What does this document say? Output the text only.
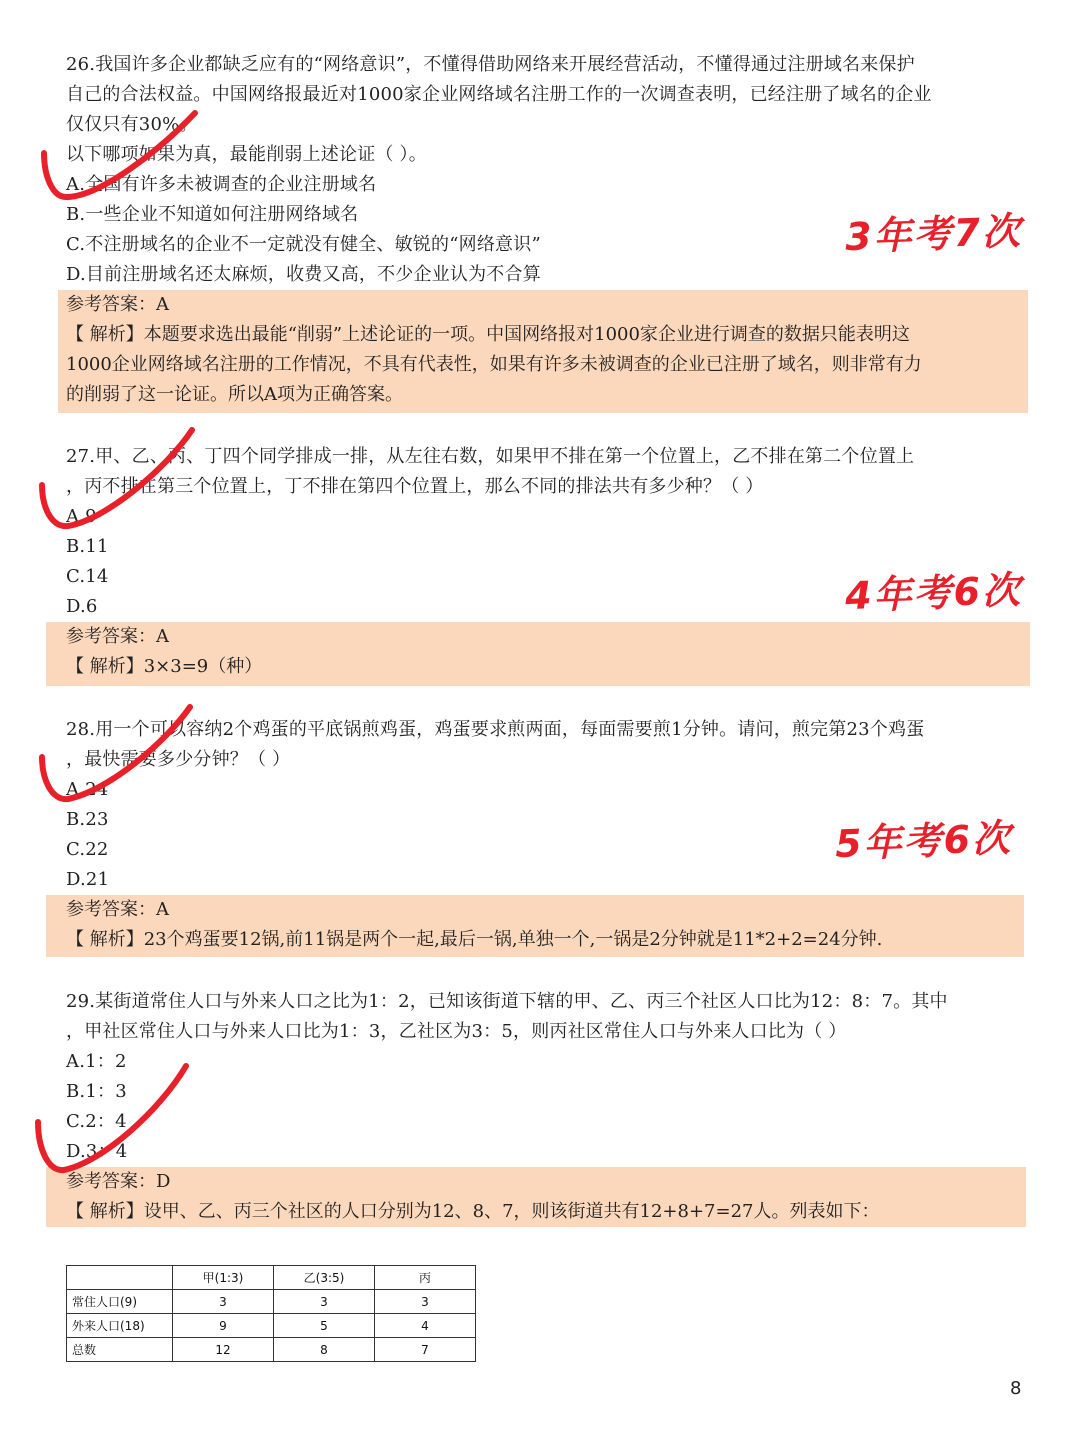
26.我国许多企业都缺乏应有的“网络意识”，不懂得借助网络来开展经营活动，不懂得通过注册域名来保护
自己的合法权益。中国网络报最近对1000家企业网络域名注册工作的一次调查表明，已经注册了域名的企业
仅仅只有30%。
以下哪项如果为真，最能削弱上述论证（ ）。
A.全国有许多未被调查的企业注册域名
B.一些企业不知道如何注册网络域名
C.不注册域名的企业不一定就没有健全、敏锐的“网络意识”
D.目前注册域名还太麻烦，收费又高，不少企业认为不合算
参考答案：A
【 解析】本题要求选出最能“削弱”上述论证的一项。中国网络报对1000家企业进行调查的数据只能表明这
1000企业网络域名注册的工作情况，不具有代表性，如果有许多未被调查的企业已注册了域名，则非常有力
的削弱了这一论证。所以A项为正确答案。
3年考7次
27.甲、乙、丙、丁四个同学排成一排，从左往右数，如果甲不排在第一个位置上，乙不排在第二个位置上
，丙不排在第三个位置上，丁不排在第四个位置上，那么不同的排法共有多少种？（ ）
A.9
B.11
C.14
D.6
参考答案：A
【 解析】3×3=9（种）
4年考6次
28.用一个可以容纳2个鸡蛋的平底锅煎鸡蛋，鸡蛋要求煎两面，每面需要煎1分钟。请问，煎完第23个鸡蛋
，最快需要多少分钟？（ ）
A.24
B.23
C.22
D.21
参考答案：A
【 解析】23个鸡蛋要12锅,前11锅是两个一起,最后一锅,单独一个,一锅是2分钟就是11*2+2=24分钟.
5年考6次
29.某街道常住人口与外来人口之比为1：2，已知该街道下辖的甲、乙、丙三个社区人口比为12：8：7。其中
，甲社区常住人口与外来人口比为1：3，乙社区为3：5，则丙社区常住人口与外来人口比为（ ）
A.1：2
B.1：3
C.2：4
D.3：4
参考答案：D
【 解析】设甲、乙、丙三个社区的人口分别为12、8、7，则该街道共有12+8+7=27人。列表如下：
	甲(1:3)	乙(3:5)	丙
常住人口(9)	3	3	3
外来人口(18)	9	5	4
总数	12	8	7
8
